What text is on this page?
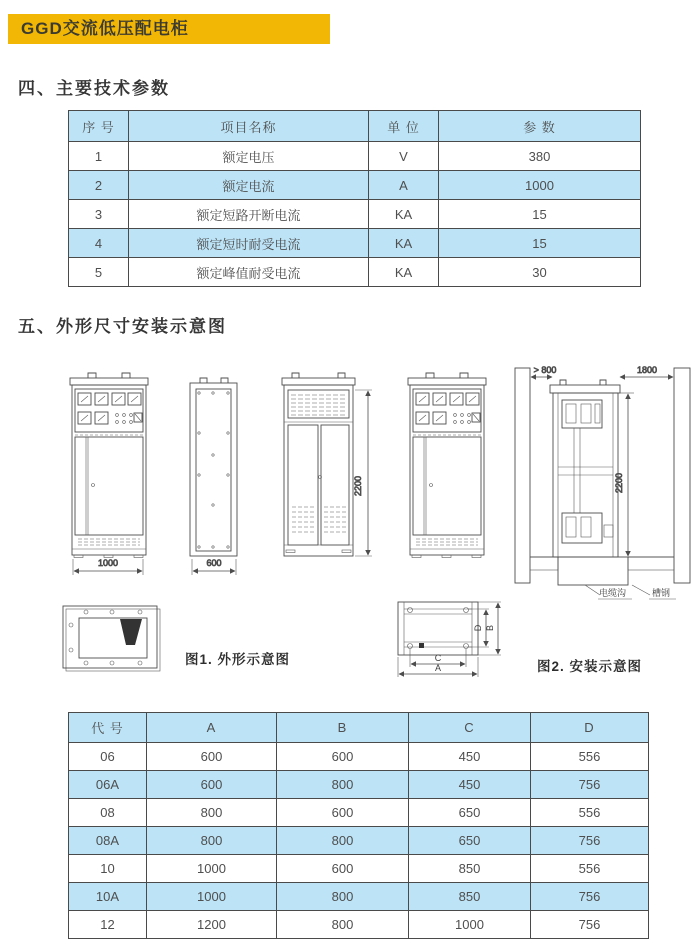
GGD交流低压配电柜
四、主要技术参数
序 号	项目名称	单 位	参 数
1	额定电压	V	380
2	额定电流	A	1000
3	额定短路开断电流	KA	15
4	额定短时耐受电流	KA	15
5	额定峰值耐受电流	KA	30
五、外形尺寸安装示意图
1000	600
2200
电缆沟	槽钢
> 800	1800
2200
D B
C
A
图1. 外形示意图	图2. 安装示意图
代 号	A	B	C	D
06	600	600	450	556
06A	600	800	450	756
08	800	600	650	556
08A	800	800	650	756
10	1000	600	850	556
10A	1000	800	850	756
12	1200	800	1000	756
